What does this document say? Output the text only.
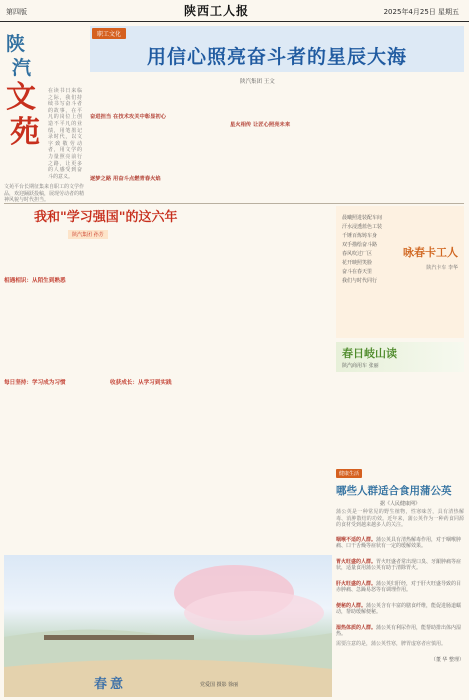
第四版	陕西工人报	2025年4月25日 星期五
陕
汽
文
苑
在读书日来临之际，我们持续书写奋斗者的故事，在平凡的岗位上创造不平凡的业绩，用笔墨记录时代，以文字致敬劳动者，用文学的力量照亮前行之路，让更多的人感受到奋斗的意义。
文苑平台长期征集来自职工的文学作品，欢迎踊跃投稿，展现劳动者的精神风貌与时代担当。
职工文化
用信心照亮奋斗者的星辰大海
陕汽集团 王文
奋进担当 在技术攻关中彰显初心
逐梦之路 用奋斗点燃青春火焰
星火相传 让匠心照亮未来
我和"学习强国"的这六年
陕汽集团 孙芳
相遇相识：从陌生到熟悉
每日坚持：学习成为习惯	收获成长：从学习到实践
春意	党爱国 摄影 徐丽
咏春卡工人
陕汽卡车 李华
晨曦照进装配车间
汗水浸透蓝色工装
千锤百炼铸车身
双手描绘奋斗路
春风吹过厂区
花开映照笑脸
奋斗在春天里
我们与时代同行
春日岐山读
陕汽商用车 张丽
健康生活
哪些人群适合食用蒲公英
据《人民健康网》
蒲公英是一种常见的野生植物，性寒味苦，具有清热解毒、消肿散结的功效。近年来，蒲公英作为一种药食同源的食材受到越来越多人的关注。
咽喉不适的人群。蒲公英具有清热解毒作用，对于咽喉肿痛、口干舌燥等症状有一定的缓解效果。
胃火旺盛的人群。胃火旺盛者常出现口臭、牙龈肿痛等症状，适量食用蒲公英有助于清除胃火。
肝火旺盛的人群。蒲公英归肝经，对于肝火旺盛导致的目赤肿痛、急躁易怒等有调理作用。
便秘的人群。蒲公英含有丰富的膳食纤维，能促进肠道蠕动，帮助缓解便秘。
湿热体质的人群。蒲公英有利尿作用，能帮助排出体内湿热。
需要注意的是，蒲公英性寒，脾胃虚寒者应慎用。
（董 华 整理）
